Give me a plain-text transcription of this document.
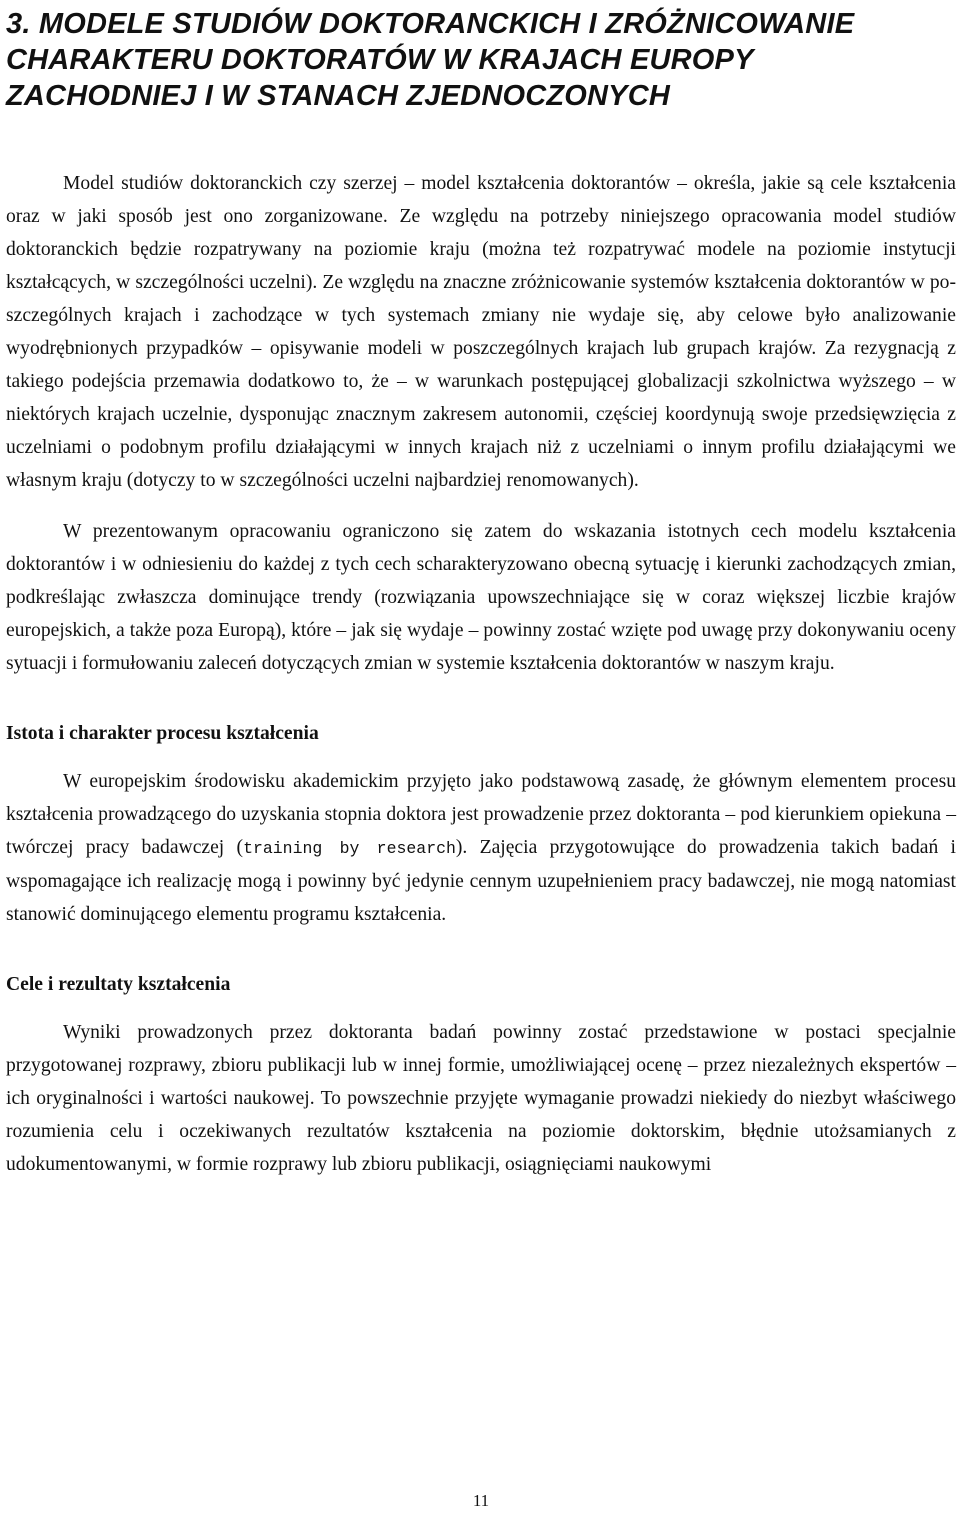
3. MODELE STUDIÓW DOKTORANCKICH I ZRÓŻNICOWANIE
CHARAKTERU DOKTORATÓW W KRAJACH EUROPY
ZACHODNIEJ I W STANACH ZJEDNOCZONYCH

Model studiów doktoranckich czy szerzej – model kształcenia doktorantów – określa, jakie są cele kształcenia oraz w jaki sposób jest ono zorganizowane. Ze względu na potrzeby niniejszego opracowania model studiów doktoranckich będzie rozpatrywany na poziomie kraju (można też rozpatrywać modele na poziomie instytucji kształcących, w szczególności uczelni). Ze względu na znaczne zróżnicowanie systemów kształcenia doktorantów w poszczególnych krajach i zachodzące w tych systemach zmiany nie wydaje się, aby celowe było analizowanie wyodrębnionych przypadków – opisywanie modeli w poszczególnych krajach lub grupach krajów. Za rezygnacją z takiego podejścia przemawia dodatkowo to, że – w warunkach postępującej globalizacji szkolnictwa wyższego – w niektórych krajach uczelnie, dysponując znacznym zakresem autonomii, częściej koordynują swoje przedsięwzięcia z uczelniami o podobnym profilu działającymi w innych krajach niż z uczelniami o innym profilu działającymi we własnym kraju (dotyczy to w szczególności uczelni najbardziej renomowanych).

W prezentowanym opracowaniu ograniczono się zatem do wskazania istotnych cech modelu kształcenia doktorantów i w odniesieniu do każdej z tych cech scharakteryzowano obecną sytuację i kierunki zachodzących zmian, podkreślając zwłaszcza dominujące trendy (rozwiązania upowszechniające się w coraz większej liczbie krajów europejskich, a także poza Europą), które – jak się wydaje – powinny zostać wzięte pod uwagę przy dokonywaniu oceny sytuacji i formułowaniu zaleceń dotyczących zmian w systemie kształcenia doktorantów w naszym kraju.

Istota i charakter procesu kształcenia

W europejskim środowisku akademickim przyjęto jako podstawową zasadę, że głównym elementem procesu kształcenia prowadzącego do uzyskania stopnia doktora jest prowadzenie przez doktoranta – pod kierunkiem opiekuna – twórczej pracy badawczej (training by research). Zajęcia przygotowujące do prowadzenia takich badań i wspomagające ich realizację mogą i powinny być jedynie cennym uzupełnieniem pracy badawczej, nie mogą natomiast stanowić dominującego elementu programu kształcenia.

Cele i rezultaty kształcenia

Wyniki prowadzonych przez doktoranta badań powinny zostać przedstawione w postaci specjalnie przygotowanej rozprawy, zbioru publikacji lub w innej formie, umożliwiającej ocenę – przez niezależnych ekspertów – ich oryginalności i wartości naukowej. To powszechnie przyjęte wymaganie prowadzi niekiedy do niezbyt właściwego rozumienia celu i oczekiwanych rezultatów kształcenia na poziomie doktorskim, błędnie utożsamianych z udokumentowanymi, w formie rozprawy lub zbioru publikacji, osiągnięciami naukowymi

11
